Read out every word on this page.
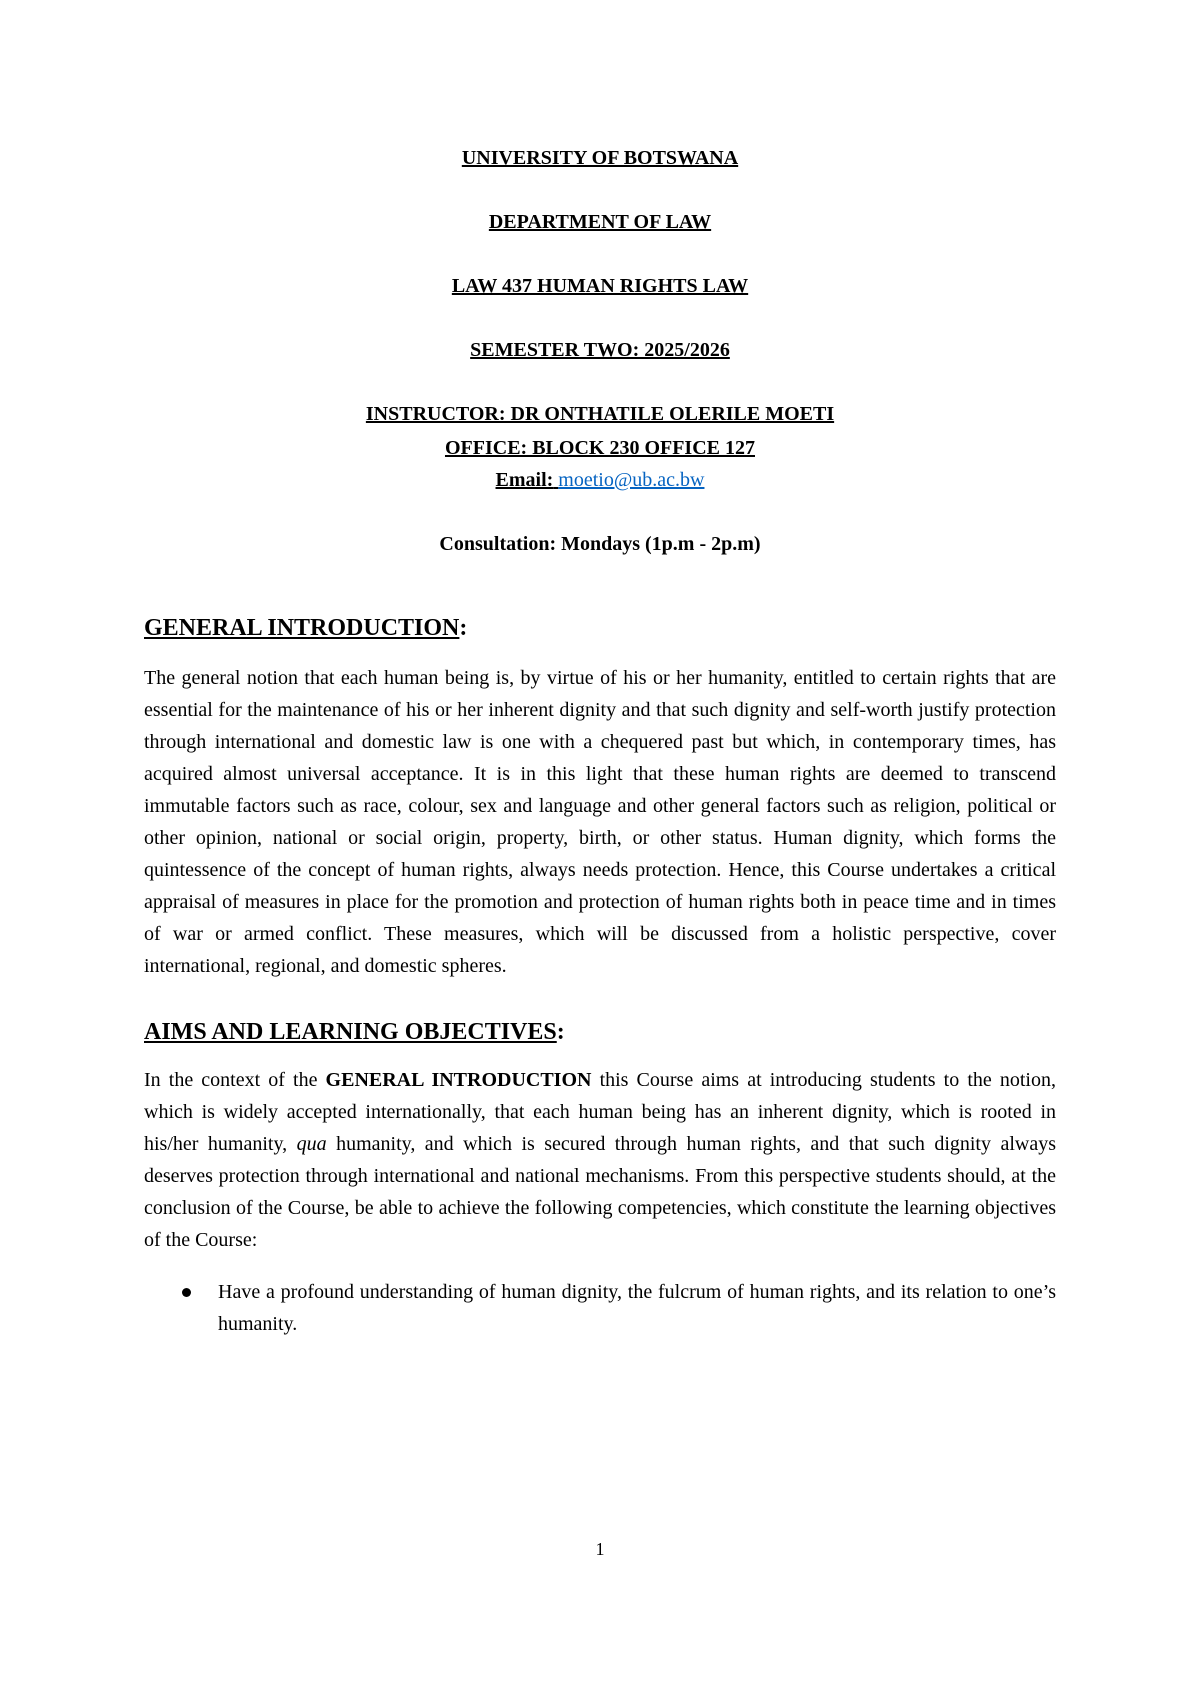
UNIVERSITY OF BOTSWANA

DEPARTMENT OF LAW

LAW 437 HUMAN RIGHTS LAW

SEMESTER TWO: 2025/2026

INSTRUCTOR: DR ONTHATILE OLERILE MOETI

OFFICE: BLOCK 230 OFFICE 127

Email: moetio@ub.ac.bw

Consultation: Mondays (1p.m - 2p.m)

GENERAL INTRODUCTION:

The general notion that each human being is, by virtue of his or her humanity, entitled to certain rights that are essential for the maintenance of his or her inherent dignity and that such dignity and self-worth justify protection through international and domestic law is one with a chequered past but which, in contemporary times, has acquired almost universal acceptance. It is in this light that these human rights are deemed to transcend immutable factors such as race, colour, sex and language and other general factors such as religion, political or other opinion, national or social origin, property, birth, or other status. Human dignity, which forms the quintessence of the concept of human rights, always needs protection. Hence, this Course undertakes a critical appraisal of measures in place for the promotion and protection of human rights both in peace time and in times of war or armed conflict. These measures, which will be discussed from a holistic perspective, cover international, regional, and domestic spheres.

AIMS AND LEARNING OBJECTIVES:

In the context of the GENERAL INTRODUCTION this Course aims at introducing students to the notion, which is widely accepted internationally, that each human being has an inherent dignity, which is rooted in his/her humanity, qua humanity, and which is secured through human rights, and that such dignity always deserves protection through international and national mechanisms. From this perspective students should, at the conclusion of the Course, be able to achieve the following competencies, which constitute the learning objectives of the Course:

Have a profound understanding of human dignity, the fulcrum of human rights, and its relation to one’s humanity.
1
